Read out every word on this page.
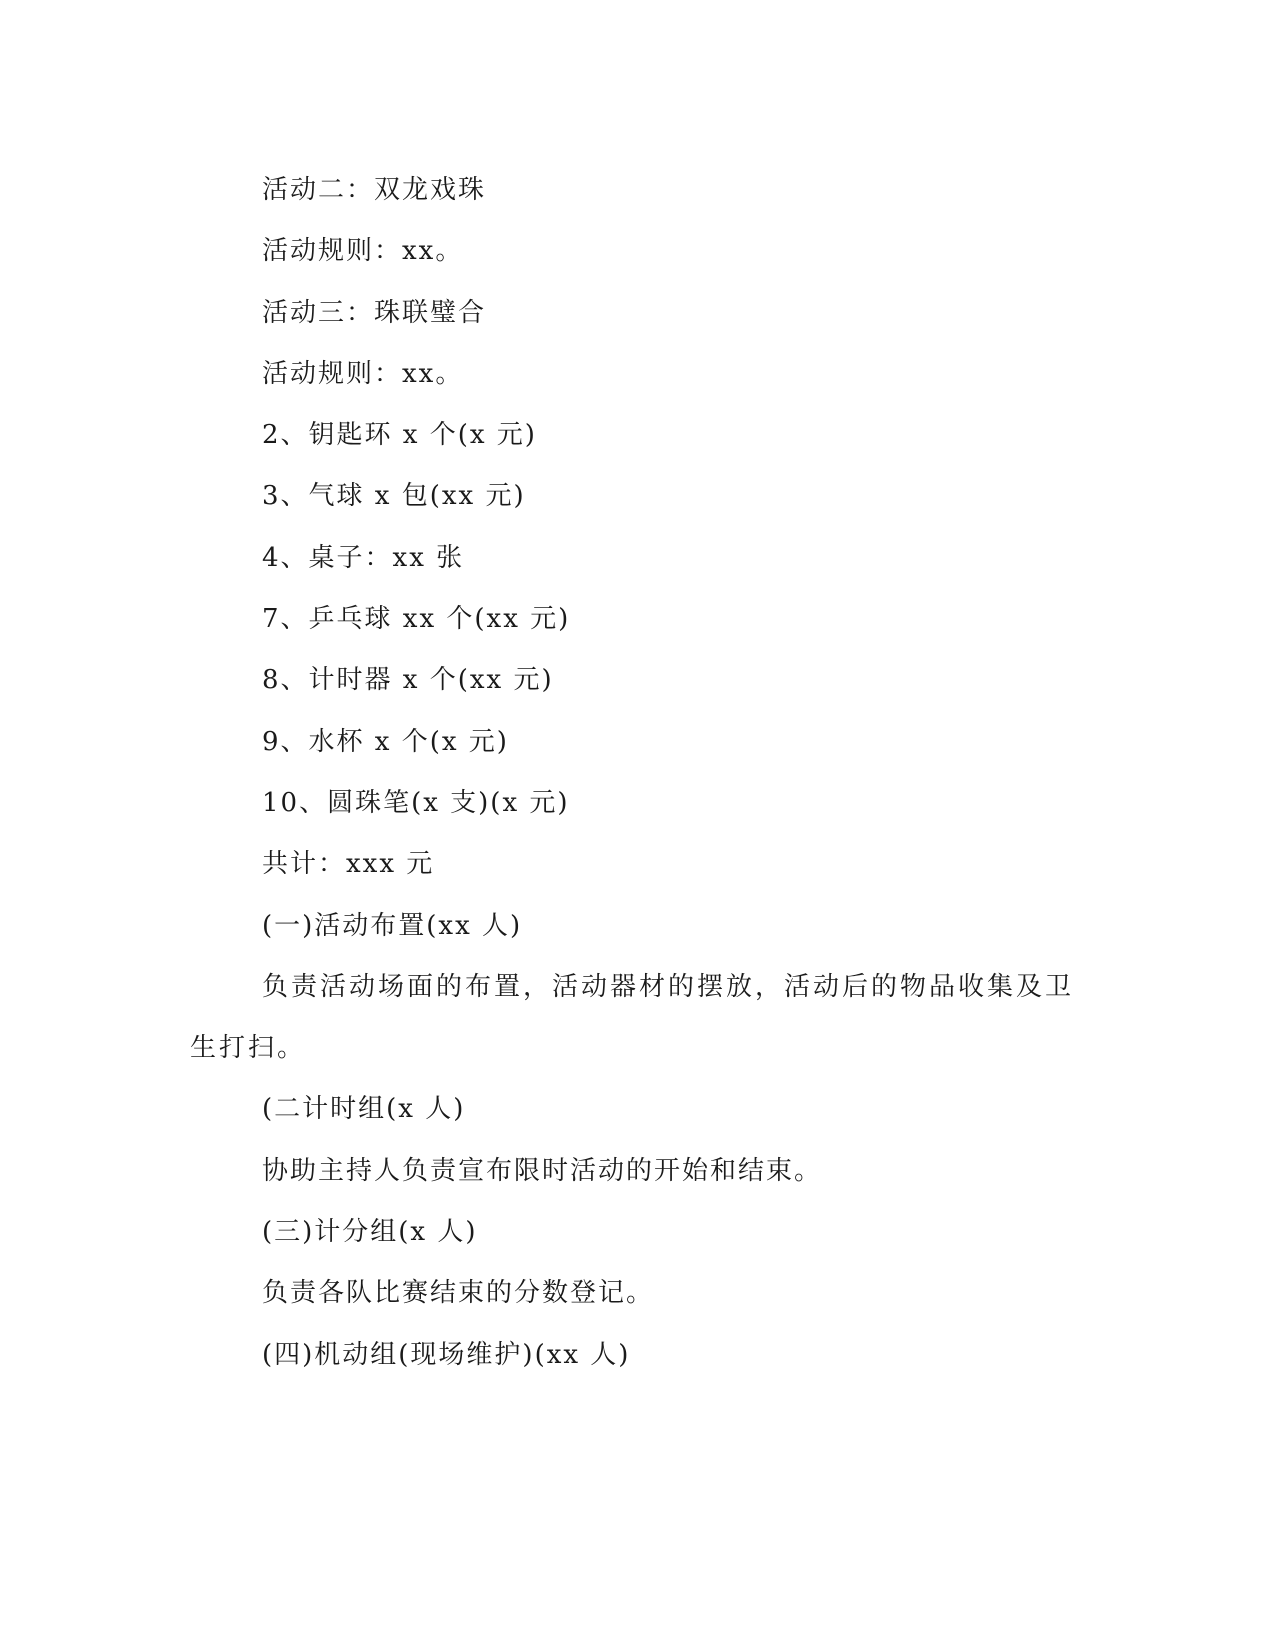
活动二：双龙戏珠
活动规则：xx。
活动三：珠联璧合
活动规则：xx。
2、钥匙环 x 个(x 元)
3、气球 x 包(xx 元)
4、桌子：xx 张
7、乒乓球 xx 个(xx 元)
8、计时器 x 个(xx 元)
9、水杯 x 个(x 元)
10、圆珠笔(x 支)(x 元)
共计：xxx 元
(一)活动布置(xx 人)
负责活动场面的布置，活动器材的摆放，活动后的物品收集及卫生打扫。
(二计时组(x 人)
协助主持人负责宣布限时活动的开始和结束。
(三)计分组(x 人)
负责各队比赛结束的分数登记。
(四)机动组(现场维护)(xx 人)
